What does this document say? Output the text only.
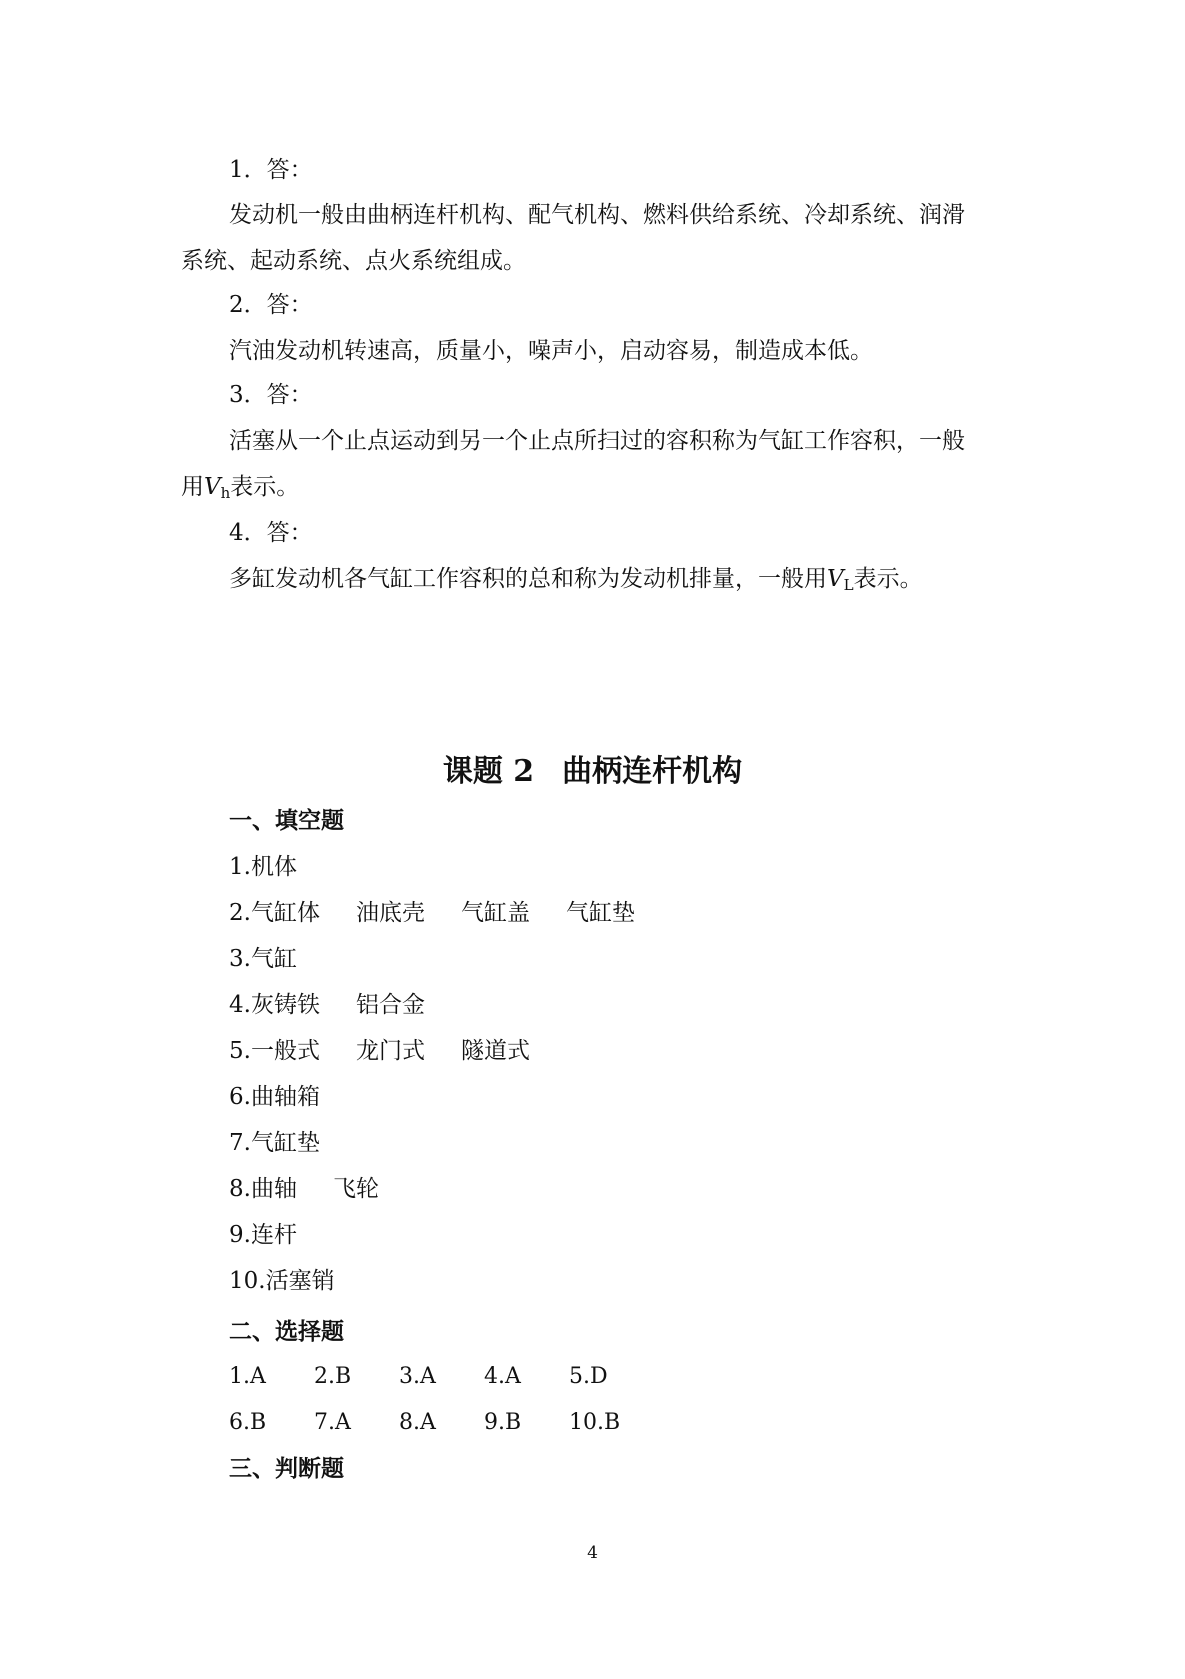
1．答：
发动机一般由曲柄连杆机构、配气机构、燃料供给系统、冷却系统、润滑
系统、起动系统、点火系统组成。
2．答：
汽油发动机转速高，质量小，噪声小，启动容易，制造成本低。
3．答：
活塞从一个止点运动到另一个止点所扫过的容积称为气缸工作容积，一般
用$V_h$表示。
4．答：
多缸发动机各气缸工作容积的总和称为发动机排量，一般用$V_L$表示。
课题 2 曲柄连杆机构
一、填空题
1.机体
2.气缸体 油底壳 气缸盖 气缸垫
3.气缸
4.灰铸铁 铝合金
5.一般式 龙门式 隧道式
6.曲轴箱
7.气缸垫
8.曲轴 飞轮
9.连杆
10.活塞销
二、选择题
1.A 2.B 3.A 4.A 5.D
6.B 7.A 8.A 9.B 10.B
三、判断题
4
